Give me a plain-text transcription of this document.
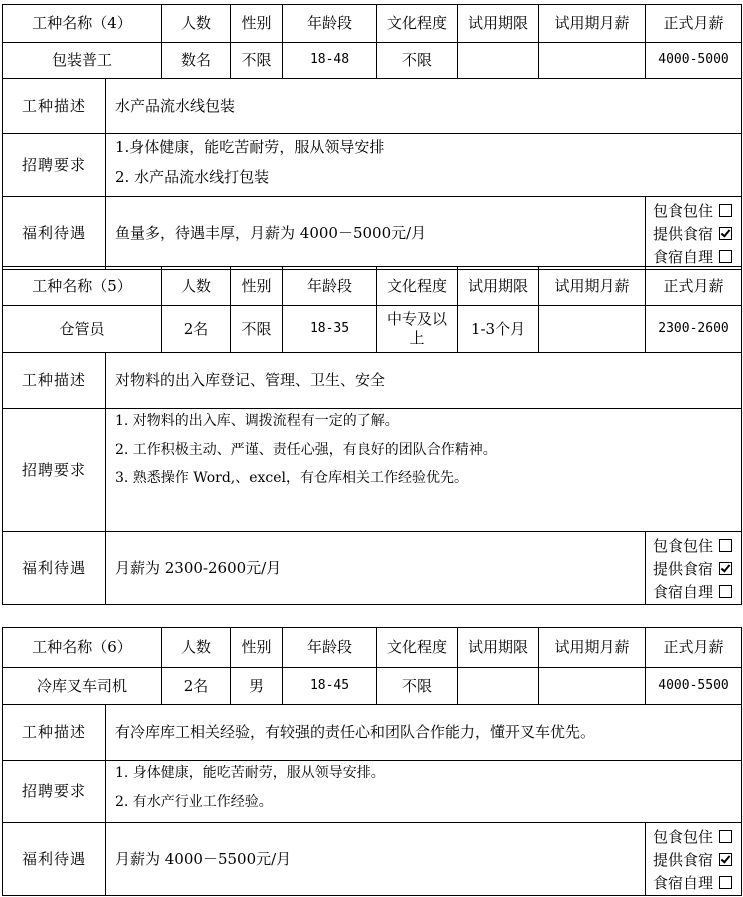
工种名称（4）		人数	性别	年龄段	文化程度	试用期限	试用期月薪	正式月薪
包装普工		数名	不限	18-48	不限			4000-5000
工种描述	水产品流水线包装							
招聘要求	1.身体健康，能吃苦耐劳，服从领导安排
2. 水产品流水线打包装							

福利待遇	鱼量多，待遇丰厚，月薪为 4000－5000元/月							包食包住
提供食宿
食宿自理
工种名称（5）		人数	性别	年龄段	文化程度	试用期限	试用期月薪	正式月薪
仓管员		2名	不限	18-35	中专及以上	1-3个月		2300-2600
工种描述	对物料的出入库登记、管理、卫生、安全							
招聘要求	1. 对物料的出入库、调拨流程有一定的了解。
2. 工作积极主动、严谨、责任心强，有良好的团队合作精神。
3. 熟悉操作 Word,、excel，有仓库相关工作经验优先。							

福利待遇	月薪为 2300-2600元/月							包食包住
提供食宿
食宿自理
工种名称（6）		人数	性别	年龄段	文化程度	试用期限	试用期月薪	正式月薪
冷库叉车司机		2名	男	18-45	不限			4000-5500
工种描述	有冷库库工相关经验，有较强的责任心和团队合作能力，懂开叉车优先。							
招聘要求	1. 身体健康，能吃苦耐劳，服从领导安排。
2. 有水产行业工作经验。							

福利待遇	月薪为 4000－5500元/月							包食包住
提供食宿
食宿自理
